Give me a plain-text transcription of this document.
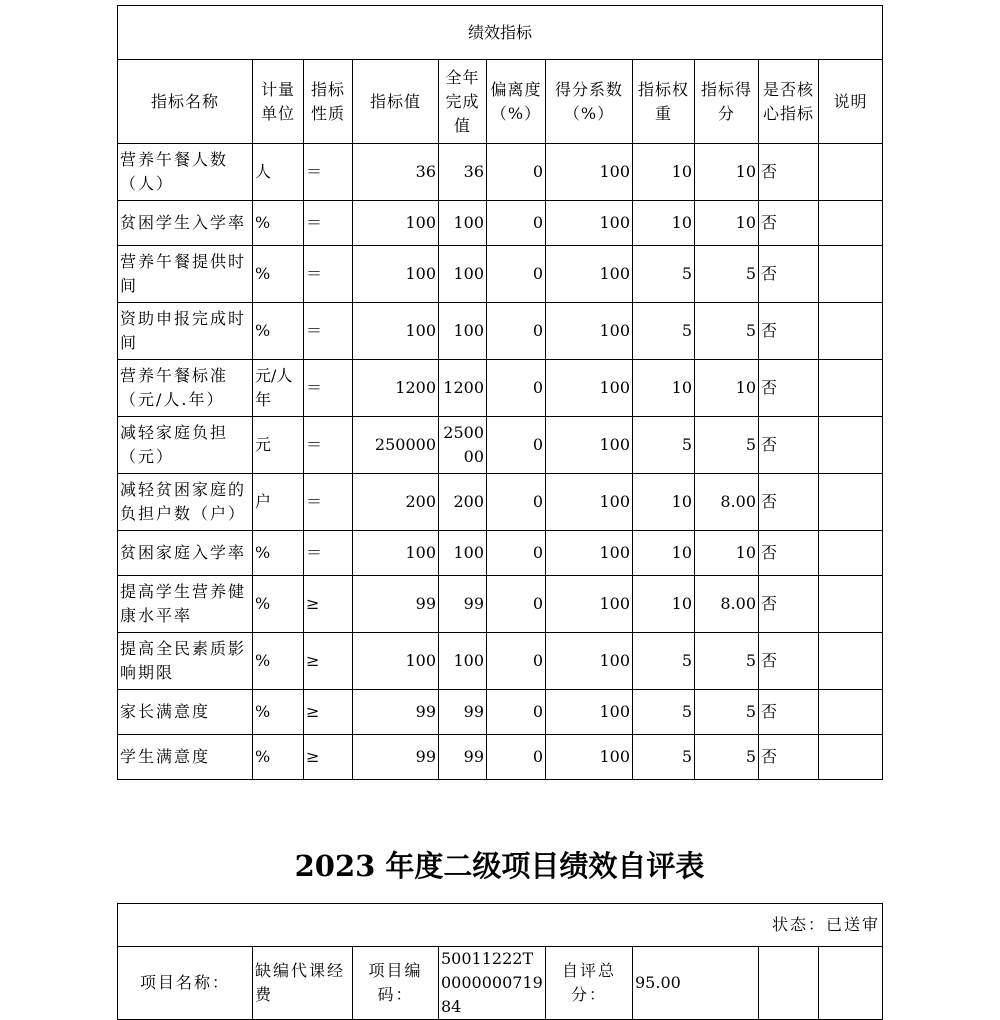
绩效指标										
指标名称	计量单位	指标性质	指标值	全年完成值	偏离度（%）	得分系数（%）	指标权重	指标得分	是否核心指标	说明
营养午餐人数（人）	人	＝	36	36	0	100	10	10	否	
贫困学生入学率	%	＝	100	100	0	100	10	10	否	
营养午餐提供时间	%	＝	100	100	0	100	5	5	否	
资助申报完成时间	%	＝	100	100	0	100	5	5	否	
营养午餐标准（元/人.年）	元/人年	＝	1200	1200	0	100	10	10	否	
减轻家庭负担（元）	元	＝	250000	250000	0	100	5	5	否	
减轻贫困家庭的负担户数（户）	户	＝	200	200	0	100	10	8.00	否	
贫困家庭入学率	%	＝	100	100	0	100	10	10	否	
提高学生营养健康水平率	%	≥	99	99	0	100	10	8.00	否	
提高全民素质影响期限	%	≥	100	100	0	100	5	5	否	
家长满意度	%	≥	99	99	0	100	5	5	否	
学生满意度	%	≥	99	99	0	100	5	5	否	
2023 年度二级项目绩效自评表
状态：已送审
项目名称：	缺编代课经费	项目编码：	50011222T000000071984	自评总分：	95.00		
